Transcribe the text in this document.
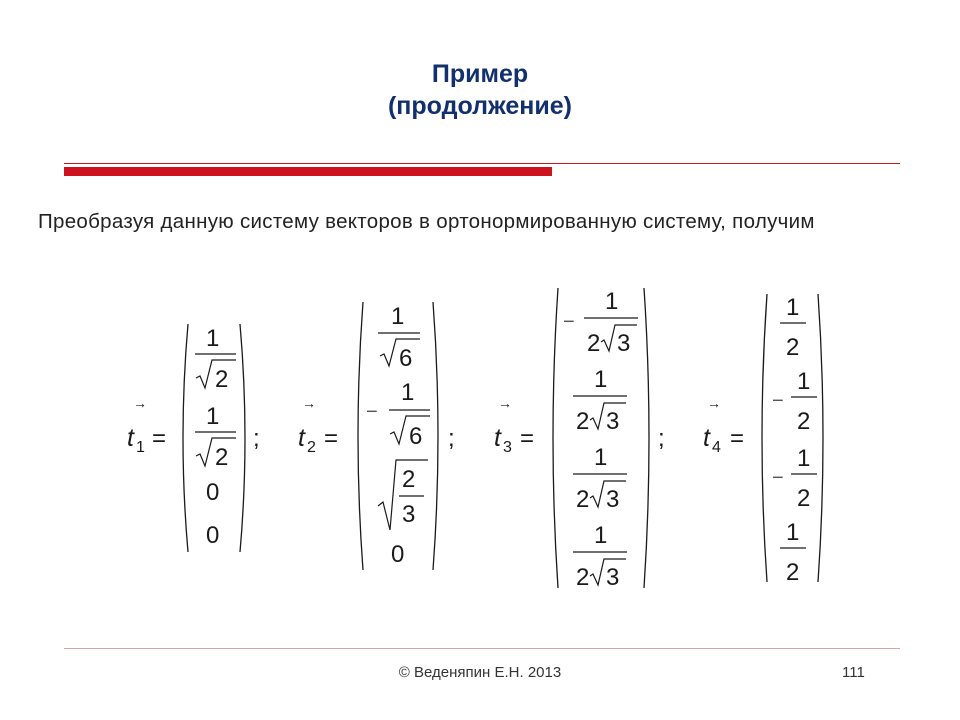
Пример
(продолжение)
Преобразуя данную систему векторов в ортонормированную систему, получим
→
t 1 =
1
2
1
2
0
0
;
→
t 2 =
1
6
−
1
6
2
3
0
;
→
t 3 =
−
1
2 3
1
2 3
1
2 3
1
2 3
;
→
t 4 =
1
2
−
1
2
−
1
2
1
2
© Веденяпин Е.Н. 2013	111
